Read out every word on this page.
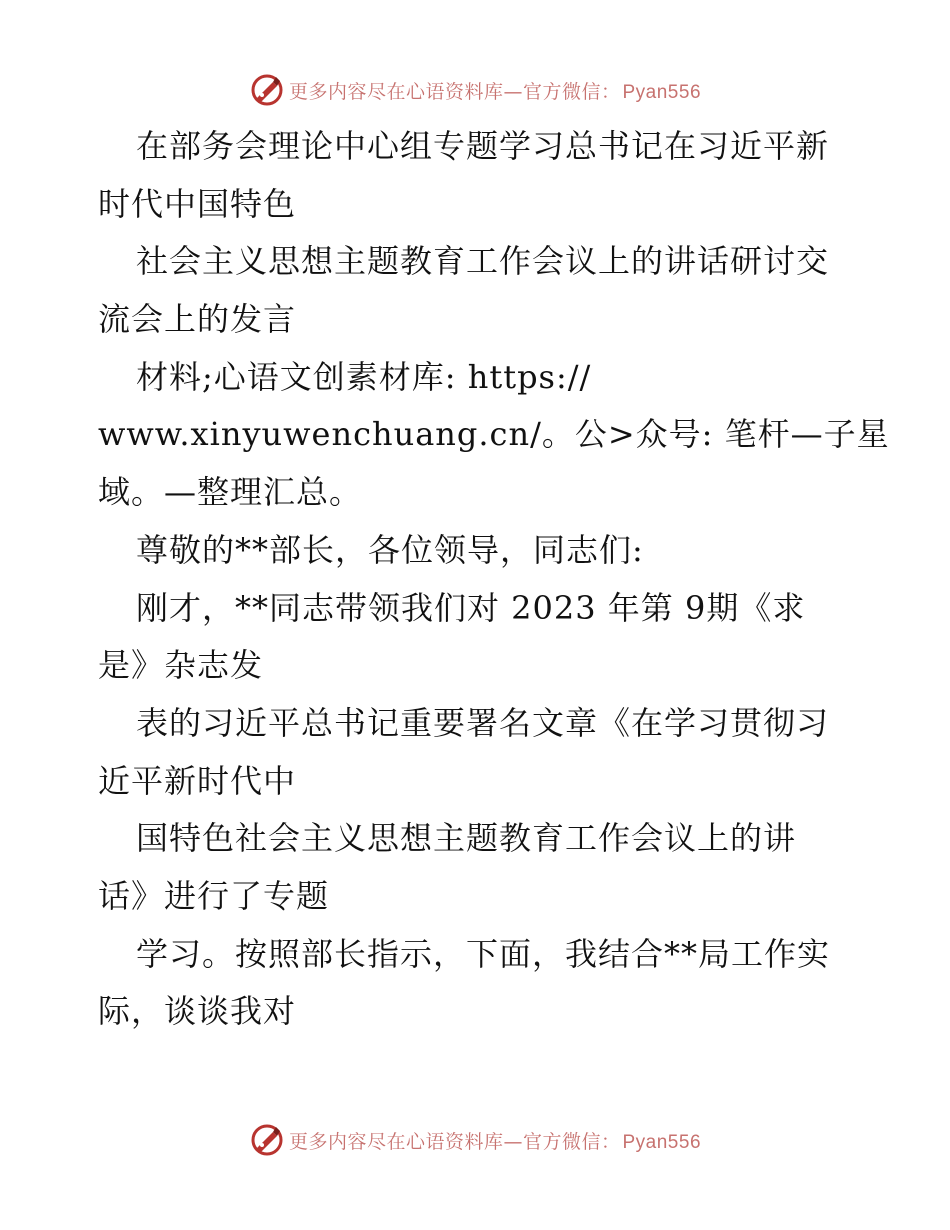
更多内容尽在心语资料库—官方微信： Pyan556
在部务会理论中心组专题学习总书记在习近平新
时代中国特色
社会主义思想主题教育工作会议上的讲话研讨交
流会上的发言
材料;心语文创素材库: https://
www.xinyuwenchuang.cn/。公>众号: 笔杆—子星
域。—整理汇总。
尊敬的**部长，各位领导，同志们:
刚才，**同志带领我们对 2023 年第 9期《求
是》杂志发
表的习近平总书记重要署名文章《在学习贯彻习
近平新时代中
国特色社会主义思想主题教育工作会议上的讲
话》进行了专题
学习。按照部长指示，下面，我结合**局工作实
际，谈谈我对
更多内容尽在心语资料库—官方微信： Pyan556
